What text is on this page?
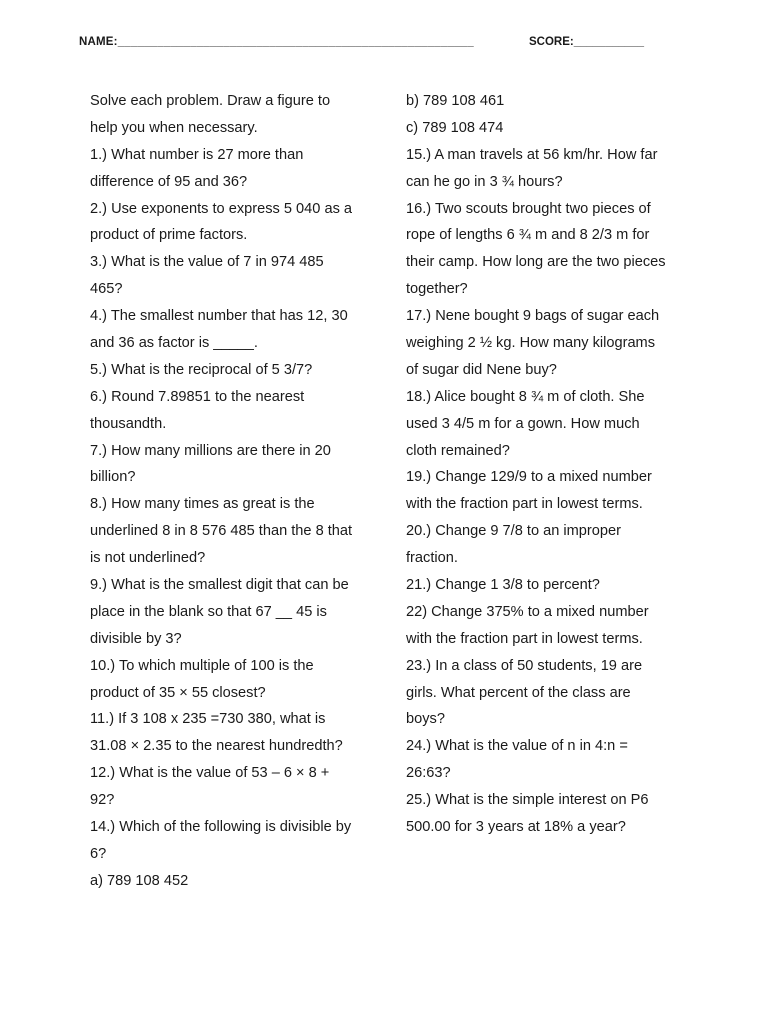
NAME:______________________________________________________	SCORE:___________
Solve each problem. Draw a figure to
help you when necessary.
1.) What number is 27 more than
difference of 95 and 36?
2.) Use exponents to express 5 040 as a
product of prime factors.
3.) What is the value of 7 in 974 485
465?
4.) The smallest number that has 12, 30
and 36 as factor is _____.
5.) What is the reciprocal of 5 3/7?
6.) Round 7.89851 to the nearest
thousandth.
7.) How many millions are there in 20
billion?
8.) How many times as great is the
underlined 8 in 8 576 485 than the 8 that
is not underlined?
9.) What is the smallest digit that can be
place in the blank so that 67 __ 45 is
divisible by 3?
10.) To which multiple of 100 is the
product of 35 × 55 closest?
11.) If 3 108 x 235 =730 380, what is
31.08 × 2.35 to the nearest hundredth?
12.) What is the value of 53 – 6 × 8 +
92?
14.) Which of the following is divisible by
6?
a) 789 108 452
b) 789 108 461
c) 789 108 474
15.) A man travels at 56 km/hr. How far
can he go in 3 ¾ hours?
16.) Two scouts brought two pieces of
rope of lengths 6 ¾ m and 8 2/3 m for
their camp. How long are the two pieces
together?
17.) Nene bought 9 bags of sugar each
weighing 2 ½ kg. How many kilograms
of sugar did Nene buy?
18.) Alice bought 8 ¾ m of cloth. She
used 3 4/5 m for a gown. How much
cloth remained?
19.) Change 129/9 to a mixed number
with the fraction part in lowest terms.
20.) Change 9 7/8 to an improper
fraction.
21.) Change 1 3/8 to percent?
22) Change 375% to a mixed number
with the fraction part in lowest terms.
23.) In a class of 50 students, 19 are
girls. What percent of the class are
boys?
24.) What is the value of n in 4:n =
26:63?
25.) What is the simple interest on P6
500.00 for 3 years at 18% a year?
